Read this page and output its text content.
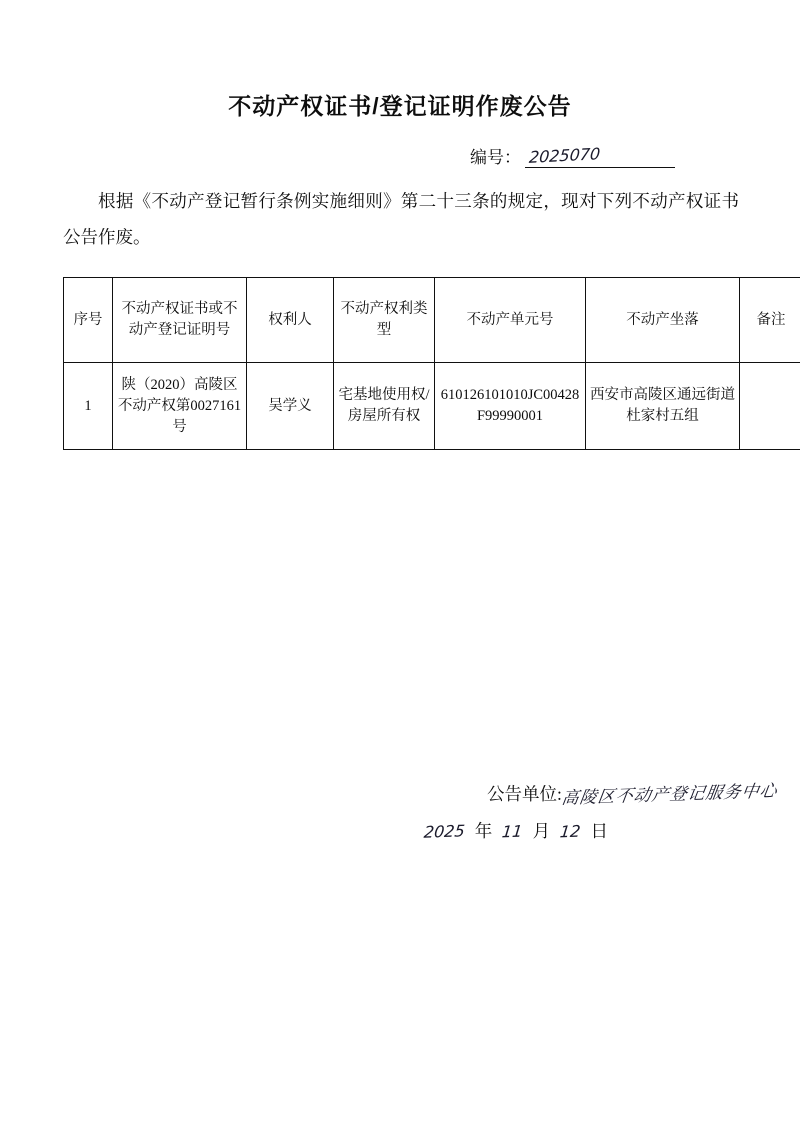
不动产权证书/登记证明作废公告
编号： 2025070
根据《不动产登记暂行条例实施细则》第二十三条的规定，现对下列不动产权证书公告作废。
序号	不动产权证书或不动产登记证明号	权利人	不动产权利类型	不动产单元号	不动产坐落	备注
1	陕（2020）高陵区不动产权第0027161 号	吴学义	宅基地使用权/房屋所有权	610126101010JC00428F99990001	西安市高陵区通远街道杜家村五组	
公告单位:高陵区不动产登记服务中心
2025 年 11 月 12 日
